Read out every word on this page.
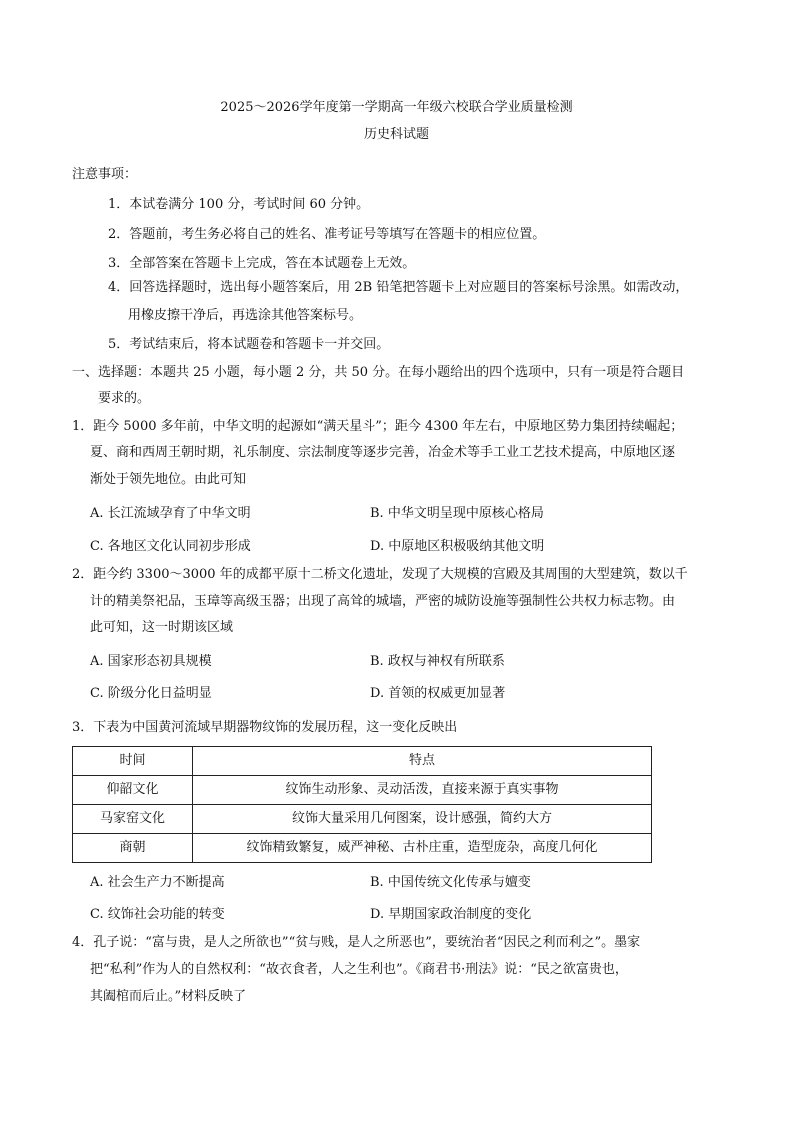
2025～2026学年度第一学期高一年级六校联合学业质量检测
历史科试题
注意事项：
1．本试卷满分 100 分，考试时间 60 分钟。
2．答题前，考生务必将自己的姓名、准考证号等填写在答题卡的相应位置。
3．全部答案在答题卡上完成，答在本试题卷上无效。
4．回答选择题时，选出每小题答案后，用 2B 铅笔把答题卡上对应题目的答案标号涂黑。如需改动，
用橡皮擦干净后，再选涂其他答案标号。
5．考试结束后，将本试题卷和答题卡一并交回。
一、选择题：本题共 25 小题，每小题 2 分，共 50 分。在每小题给出的四个选项中，只有一项是符合题目
要求的。
1．距今 5000 多年前，中华文明的起源如“满天星斗”；距今 4300 年左右，中原地区势力集团持续崛起；
夏、商和西周王朝时期，礼乐制度、宗法制度等逐步完善，冶金术等手工业工艺技术提高，中原地区逐
渐处于领先地位。由此可知
A. 长江流域孕育了中华文明	B. 中华文明呈现中原核心格局
C. 各地区文化认同初步形成	D. 中原地区积极吸纳其他文明
2．距今约 3300～3000 年的成都平原十二桥文化遗址，发现了大规模的宫殿及其周围的大型建筑，数以千
计的精美祭祀品，玉璋等高级玉器；出现了高耸的城墙，严密的城防设施等强制性公共权力标志物。由
此可知，这一时期该区域
A. 国家形态初具规模	B. 政权与神权有所联系
C. 阶级分化日益明显	D. 首领的权威更加显著
3．下表为中国黄河流域早期器物纹饰的发展历程，这一变化反映出
时间	特点
仰韶文化	纹饰生动形象、灵动活泼，直接来源于真实事物
马家窑文化	纹饰大量采用几何图案，设计感强，简约大方
商朝	纹饰精致繁复，威严神秘、古朴庄重，造型庞杂，高度几何化
A. 社会生产力不断提高	B. 中国传统文化传承与嬗变
C. 纹饰社会功能的转变	D. 早期国家政治制度的变化
4．孔子说：“富与贵，是人之所欲也”“贫与贱，是人之所恶也”，要统治者“因民之利而利之”。墨家
把“私利”作为人的自然权利：“故衣食者，人之生利也”。《商君书·刑法》说：“民之欲富贵也，
其阖棺而后止。”材料反映了
